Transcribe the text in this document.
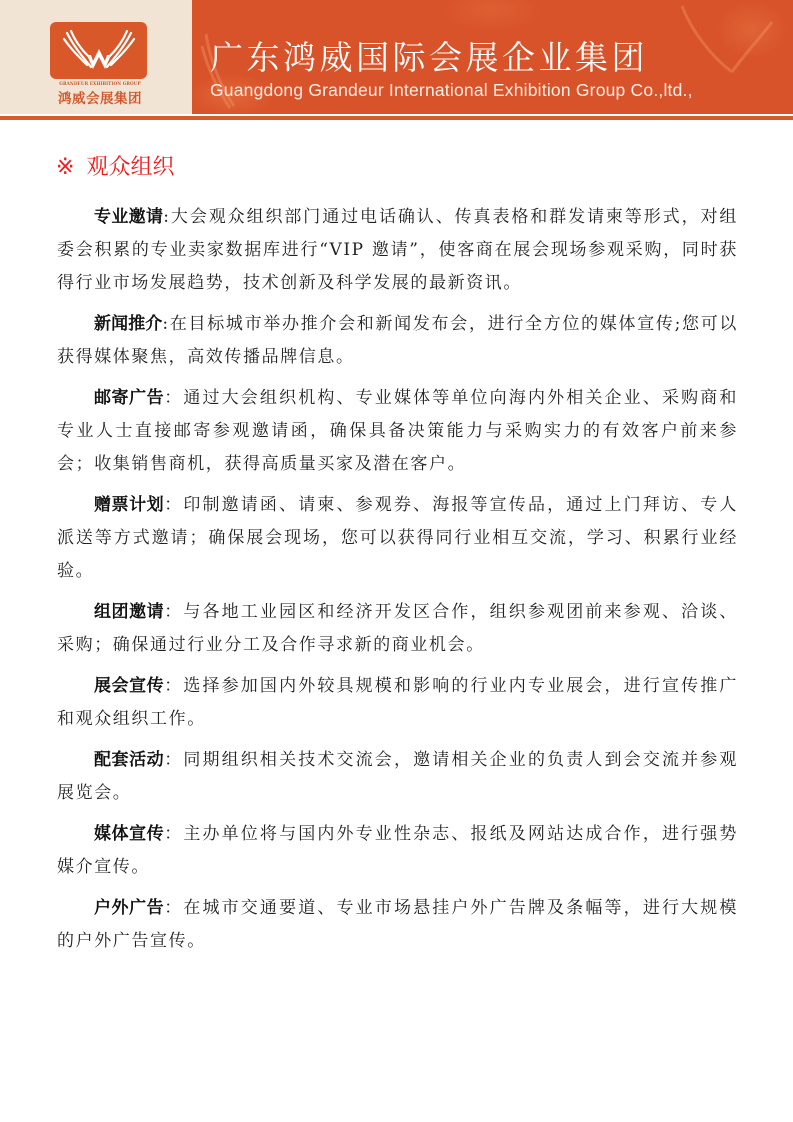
GRANDEUR EXHIBITION GROUP
鸿威会展集团
广东鸿威国际会展企业集团
Guangdong Grandeur International Exhibition Group Co.,ltd.,
※ 观众组织

专业邀请:大会观众组织部门通过电话确认、传真表格和群发请柬等形式，对组委会积累的专业卖家数据库进行“VIP 邀请”，使客商在展会现场参观采购，同时获得行业市场发展趋势，技术创新及科学发展的最新资讯。

新闻推介:在目标城市举办推介会和新闻发布会，进行全方位的媒体宣传;您可以获得媒体聚焦，高效传播品牌信息。

邮寄广告：通过大会组织机构、专业媒体等单位向海内外相关企业、采购商和专业人士直接邮寄参观邀请函，确保具备决策能力与采购实力的有效客户前来参会；收集销售商机，获得高质量买家及潜在客户。

赠票计划：印制邀请函、请柬、参观券、海报等宣传品，通过上门拜访、专人派送等方式邀请；确保展会现场，您可以获得同行业相互交流，学习、积累行业经验。

组团邀请：与各地工业园区和经济开发区合作，组织参观团前来参观、洽谈、采购；确保通过行业分工及合作寻求新的商业机会。

展会宣传：选择参加国内外较具规模和影响的行业内专业展会，进行宣传推广和观众组织工作。

配套活动：同期组织相关技术交流会，邀请相关企业的负责人到会交流并参观展览会。

媒体宣传：主办单位将与国内外专业性杂志、报纸及网站达成合作，进行强势媒介宣传。

户外广告：在城市交通要道、专业市场悬挂户外广告牌及条幅等，进行大规模的户外广告宣传。
